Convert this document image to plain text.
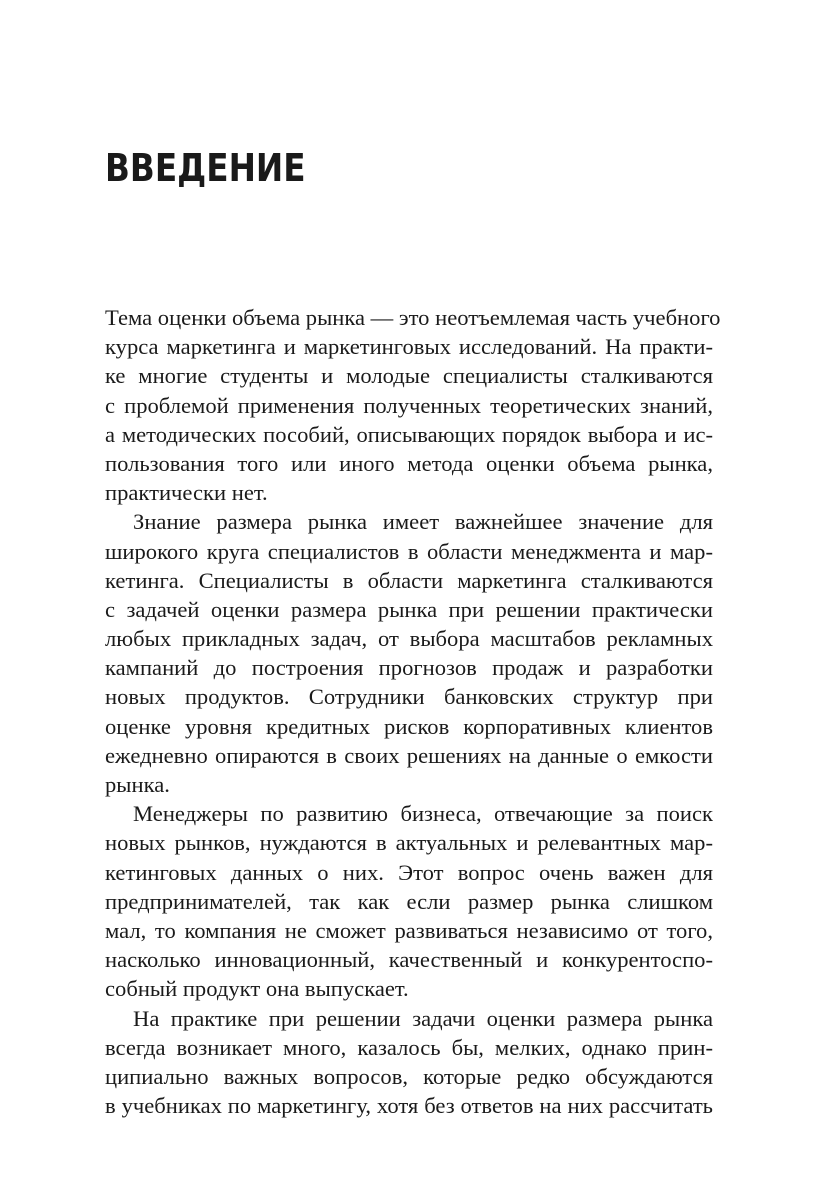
ВВЕДЕНИЕ
Тема оценки объема рынка — это неотъемлемая часть учебного
курса маркетинга и маркетинговых исследований. На практи-
ке многие студенты и молодые специалисты сталкиваются
с проблемой применения полученных теоретических знаний,
а методических пособий, описывающих порядок выбора и ис-
пользования того или иного метода оценки объема рынка,
практически нет.
Знание размера рынка имеет важнейшее значение для
широкого круга специалистов в области менеджмента и мар-
кетинга. Специалисты в области маркетинга сталкиваются
с задачей оценки размера рынка при решении практически
любых прикладных задач, от выбора масштабов рекламных
кампаний до построения прогнозов продаж и разработки
новых продуктов. Сотрудники банковских структур при
оценке уровня кредитных рисков корпоративных клиентов
ежедневно опираются в своих решениях на данные о емкости
рынка.
Менеджеры по развитию бизнеса, отвечающие за поиск
новых рынков, нуждаются в актуальных и релевантных мар-
кетинговых данных о них. Этот вопрос очень важен для
предпринимателей, так как если размер рынка слишком
мал, то компания не сможет развиваться независимо от того,
насколько инновационный, качественный и конкурентоспо-
собный продукт она выпускает.
На практике при решении задачи оценки размера рынка
всегда возникает много, казалось бы, мелких, однако прин-
ципиально важных вопросов, которые редко обсуждаются
в учебниках по маркетингу, хотя без ответов на них рассчитать
